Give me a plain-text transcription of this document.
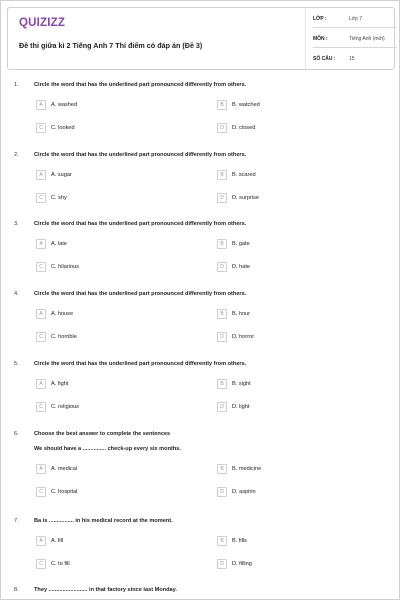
QUIZIZZ
Đề thi giữa kì 2 Tiếng Anh 7 Thí điểm có đáp án (Đề 3)
LỚP :	Lớp 7
MÔN :	Tiếng Anh (mới)
SỐ CÂU :	15
1.	Circle the word that has the underlined part pronounced differently from others.
A	A. washed	B	B. watched
C	C. looked	D	D. closed
2.	Circle the word that has the underlined part pronounced differently from others.
A	A. sugar	B	B. scared
C	C. shy	D	D. surprise
3.	Circle the word that has the underlined part pronounced differently from others.
A	A. late	B	B. gate
C	C. hilarious	D	D. hate
4.	Circle the word that has the underlined part pronounced differently from others.
A	A. house	B	B. hour
C	C. horrible	D	D. horror
5.	Circle the word that has the underlined part pronounced differently from others.
A	A. fight	B	B. sight
C	C. religious	D	D. light
6.	Choose the best answer to complete the sentences
We should have a ............... check-up every six months.
A	A. medical	B	B. medicine
C	C. hospital	D	D. aspirin
7.	Ba is ................ in his medical record at the moment.
A	A. fill	B	B. fills
C	C. to fill	D	D. filling
8.	They ......................... in that factory since last Monday.
